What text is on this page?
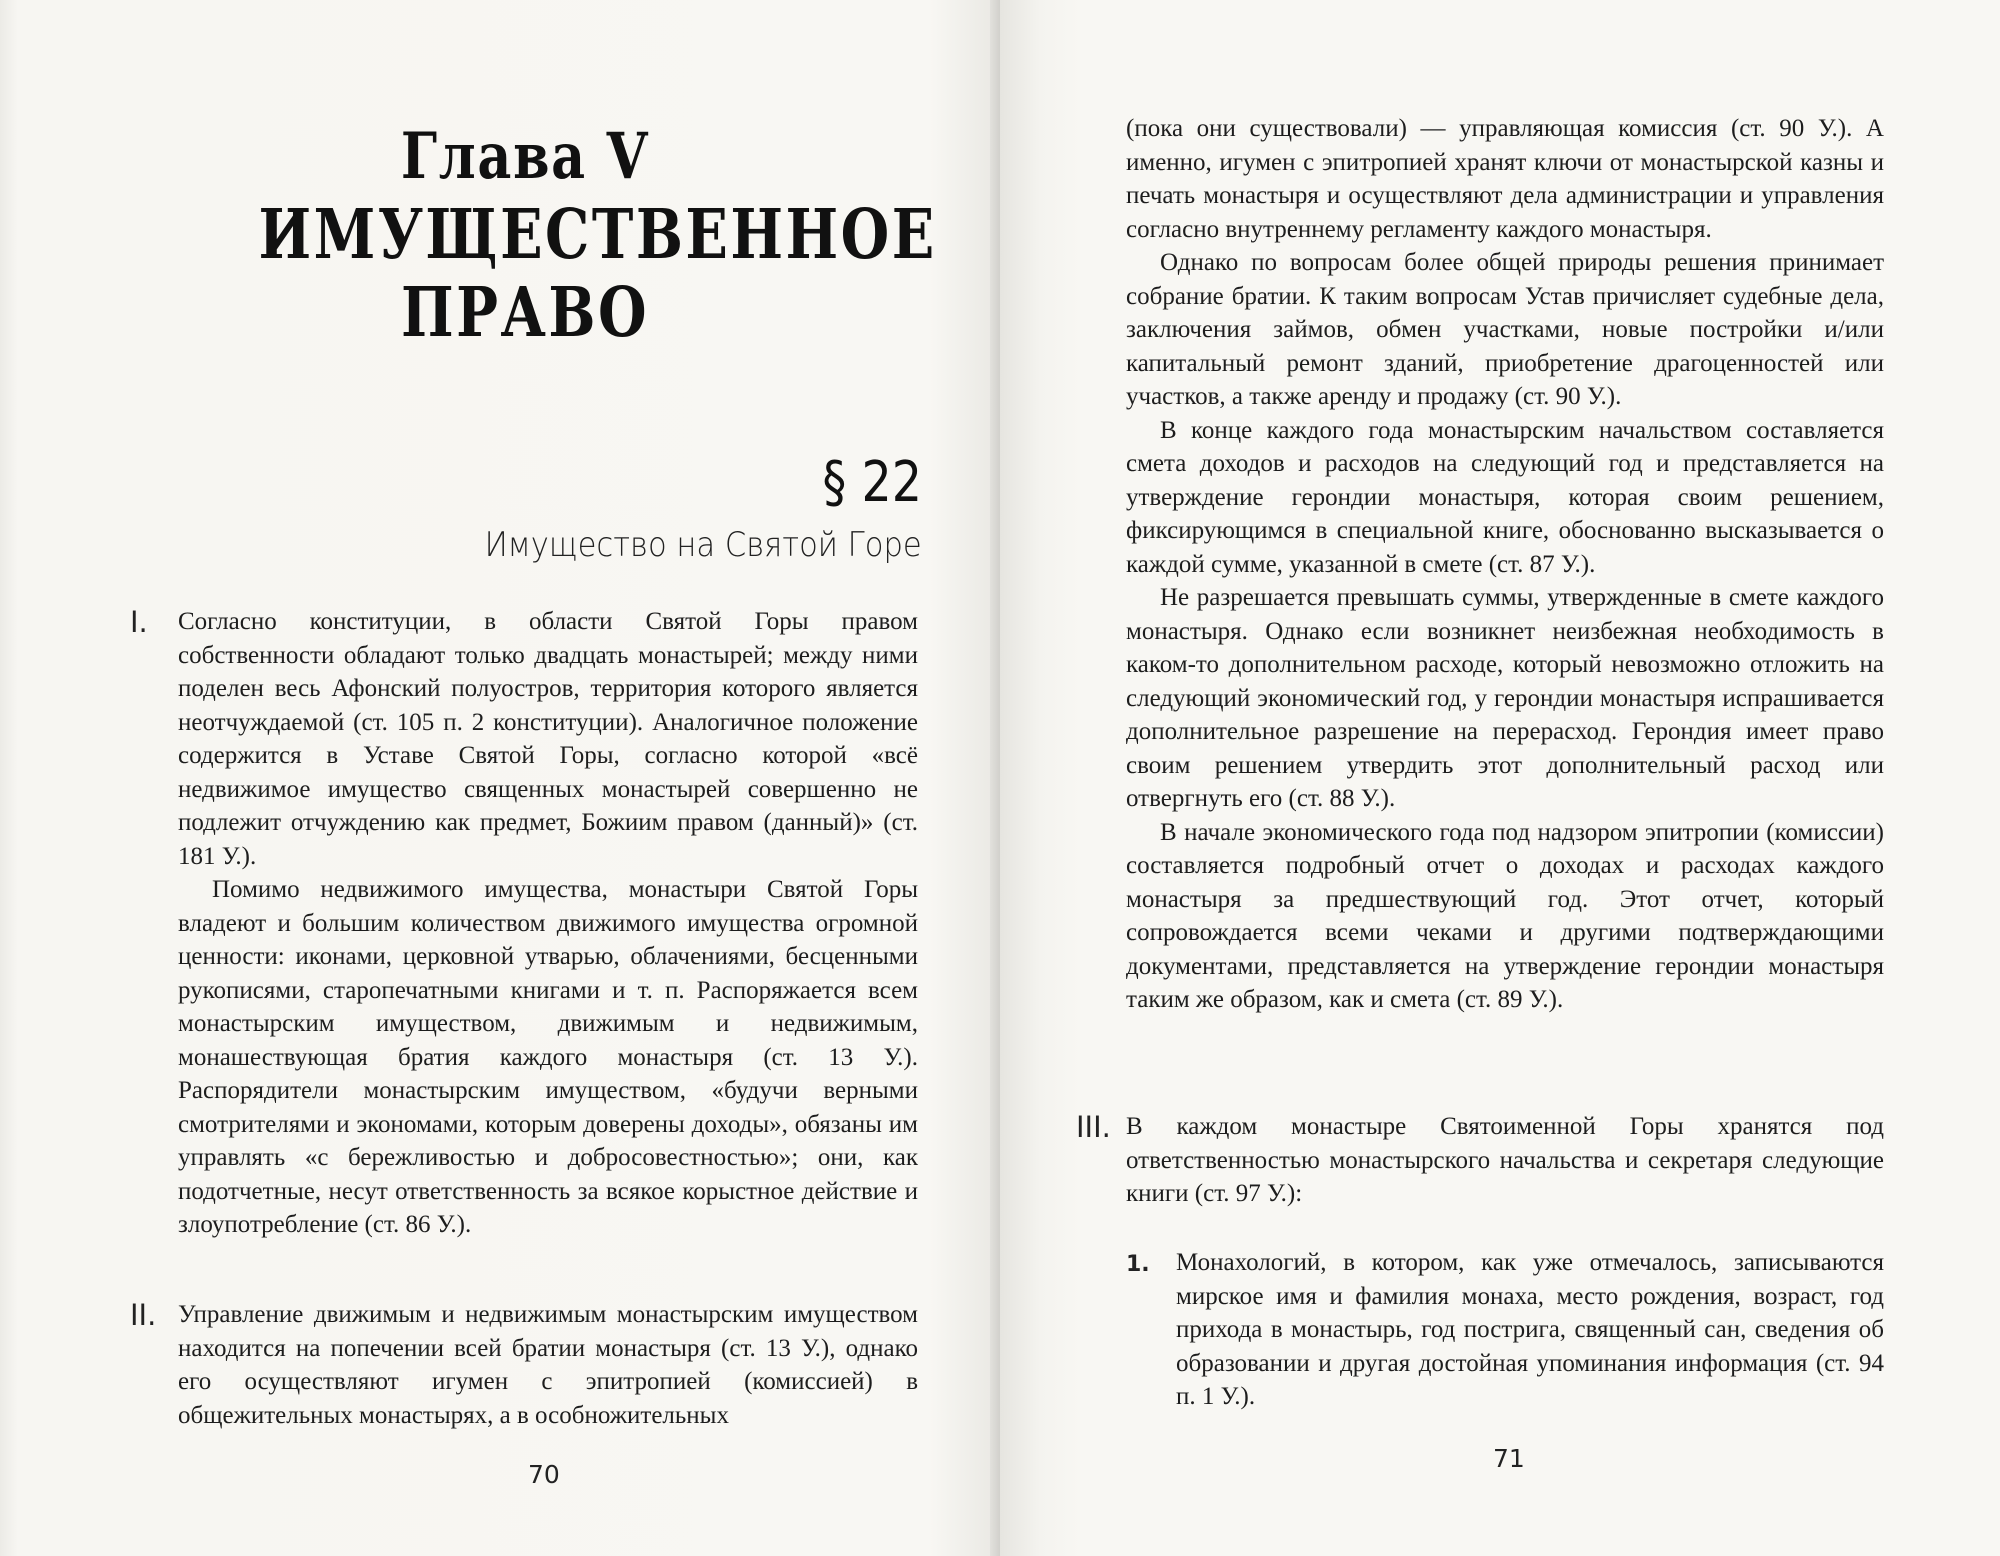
Глава V
ИМУЩЕСТВЕННОЕ
ПРАВО
§ 22
Имущество на Святой Горе
I. Согласно конституции, в области Святой Горы правом собственности обладают только двадцать монастырей; между ними поделен весь Афонский полуостров, территория которого является неотчуждаемой (ст. 105 п. 2 конституции). Аналогичное положение содержится в Уставе Святой Горы, согласно которой «всё недвижимое имущество священных монастырей совершенно не подлежит отчуждению как предмет, Божиим правом (данный)» (ст. 181 У.).

Помимо недвижимого имущества, монастыри Святой Горы владеют и большим количеством движимого имущества огромной ценности: иконами, церковной утварью, облачениями, бесценными рукописями, старопечатными книгами и т. п. Распоряжается всем монастырским имуществом, движимым и недвижимым, монашествующая братия каждого монастыря (ст. 13 У.). Распорядители монастырским имуществом, «будучи верными смотрителями и экономами, которым доверены доходы», обязаны им управлять «с бережливостью и добросовестностью»; они, как подотчетные, несут ответственность за всякое корыстное действие и злоупотребление (ст. 86 У.).

II. Управление движимым и недвижимым монастырским имуществом находится на попечении всей братии монастыря (ст. 13 У.), однако его осуществляют игумен с эпитропией (комиссией) в общежительных монастырях, а в особножительных

70

(пока они существовали) — управляющая комиссия (ст. 90 У.). А именно, игумен с эпитропией хранят ключи от монастырской казны и печать монастыря и осуществляют дела администрации и управления согласно внутреннему регламенту каждого монастыря.

Однако по вопросам более общей природы решения принимает собрание братии. К таким вопросам Устав причисляет судебные дела, заключения займов, обмен участками, новые постройки и/или капитальный ремонт зданий, приобретение драгоценностей или участков, а также аренду и продажу (ст. 90 У.).

В конце каждого года монастырским начальством составляется смета доходов и расходов на следующий год и представляется на утверждение герондии монастыря, которая своим решением, фиксирующимся в специальной книге, обоснованно высказывается о каждой сумме, указанной в смете (ст. 87 У.).

Не разрешается превышать суммы, утвержденные в смете каждого монастыря. Однако если возникнет неизбежная необходимость в каком-то дополнительном расходе, который невозможно отложить на следующий экономический год, у герондии монастыря испрашивается дополнительное разрешение на перерасход. Герондия имеет право своим решением утвердить этот дополнительный расход или отвергнуть его (ст. 88 У.).

В начале экономического года под надзором эпитропии (комиссии) составляется подробный отчет о доходах и расходах каждого монастыря за предшествующий год. Этот отчет, который сопровождается всеми чеками и другими подтверждающими документами, представляется на утверждение герондии монастыря таким же образом, как и смета (ст. 89 У.).

III. В каждом монастыре Святоименной Горы хранятся под ответственностью монастырского начальства и секретаря следующие книги (ст. 97 У.):

1. Монахологий, в котором, как уже отмечалось, записываются мирское имя и фамилия монаха, место рождения, возраст, год прихода в монастырь, год пострига, священный сан, сведения об образовании и другая достойная упоминания информация (ст. 94 п. 1 У.).

71
